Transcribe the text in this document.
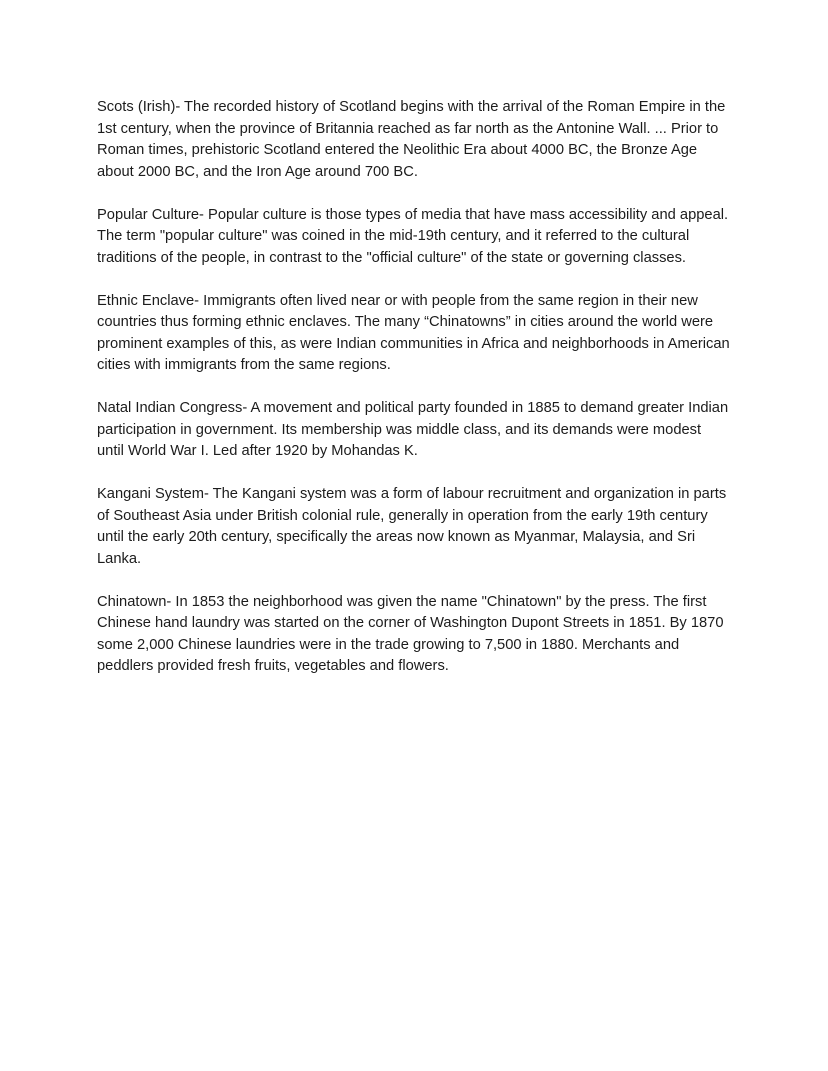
Scots (Irish)- The recorded history of Scotland begins with the arrival of the Roman Empire in the 1st century, when the province of Britannia reached as far north as the Antonine Wall. ... Prior to Roman times, prehistoric Scotland entered the Neolithic Era about 4000 BC, the Bronze Age about 2000 BC, and the Iron Age around 700 BC.

Popular Culture- Popular culture is those types of media that have mass accessibility and appeal. The term "popular culture" was coined in the mid-19th century, and it referred to the cultural traditions of the people, in contrast to the "official culture" of the state or governing classes.

Ethnic Enclave- Immigrants often lived near or with people from the same region in their new countries thus forming ethnic enclaves. The many “Chinatowns” in cities around the world were prominent examples of this, as were Indian communities in Africa and neighborhoods in American cities with immigrants from the same regions.

Natal Indian Congress- A movement and political party founded in 1885 to demand greater Indian participation in government. Its membership was middle class, and its demands were modest until World War I. Led after 1920 by Mohandas K.

Kangani System- The Kangani system was a form of labour recruitment and organization in parts of Southeast Asia under British colonial rule, generally in operation from the early 19th century until the early 20th century, specifically the areas now known as Myanmar, Malaysia, and Sri Lanka.

Chinatown- In 1853 the neighborhood was given the name "Chinatown" by the press. The first Chinese hand laundry was started on the corner of Washington Dupont Streets in 1851. By 1870 some 2,000 Chinese laundries were in the trade growing to 7,500 in 1880. Merchants and peddlers provided fresh fruits, vegetables and flowers.
